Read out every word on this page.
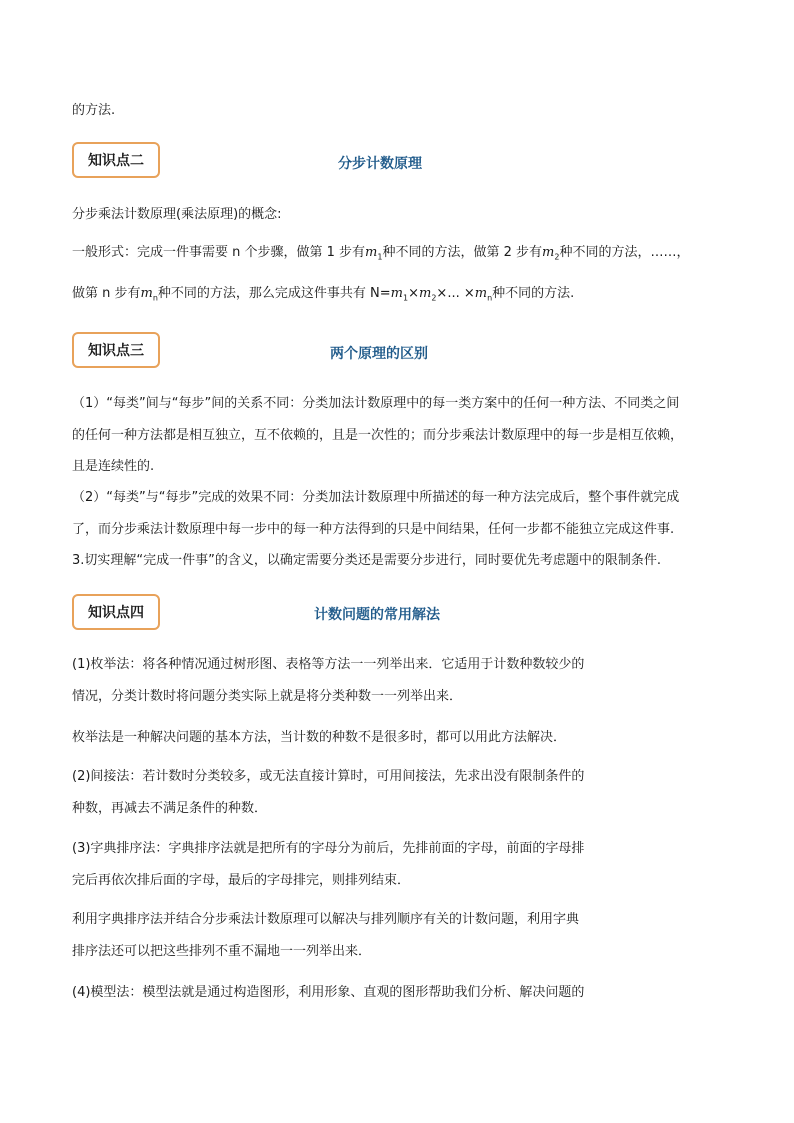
的方法.
知识点二	分步计数原理
分步乘法计数原理(乘法原理)的概念:
一般形式：完成一件事需要 n 个步骤，做第 1 步有$m_1$种不同的方法，做第 2 步有$m_2$种不同的方法，……，
做第 n 步有$m_n$种不同的方法，那么完成这件事共有 $N=m_1\times m_2\times$... $\times m_n$种不同的方法.
知识点三	两个原理的区别
（1）“每类”间与“每步”间的关系不同：分类加法计数原理中的每一类方案中的任何一种方法、不同类之间
的任何一种方法都是相互独立，互不依赖的，且是一次性的；而分步乘法计数原理中的每一步是相互依赖，
且是连续性的.
（2）“每类”与“每步”完成的效果不同：分类加法计数原理中所描述的每一种方法完成后，整个事件就完成
了，而分步乘法计数原理中每一步中的每一种方法得到的只是中间结果，任何一步都不能独立完成这件事.
3.切实理解“完成一件事”的含义，以确定需要分类还是需要分步进行，同时要优先考虑题中的限制条件.
知识点四	计数问题的常用解法
(1)枚举法：将各种情况通过树形图、表格等方法一一列举出来．它适用于计数种数较少的
情况，分类计数时将问题分类实际上就是将分类种数一一列举出来．
枚举法是一种解决问题的基本方法，当计数的种数不是很多时，都可以用此方法解决．
(2)间接法：若计数时分类较多，或无法直接计算时，可用间接法，先求出没有限制条件的
种数，再减去不满足条件的种数．
(3)字典排序法：字典排序法就是把所有的字母分为前后，先排前面的字母，前面的字母排
完后再依次排后面的字母，最后的字母排完，则排列结束．
利用字典排序法并结合分步乘法计数原理可以解决与排列顺序有关的计数问题，利用字典
排序法还可以把这些排列不重不漏地一一列举出来．
(4)模型法：模型法就是通过构造图形，利用形象、直观的图形帮助我们分析、解决问题的
